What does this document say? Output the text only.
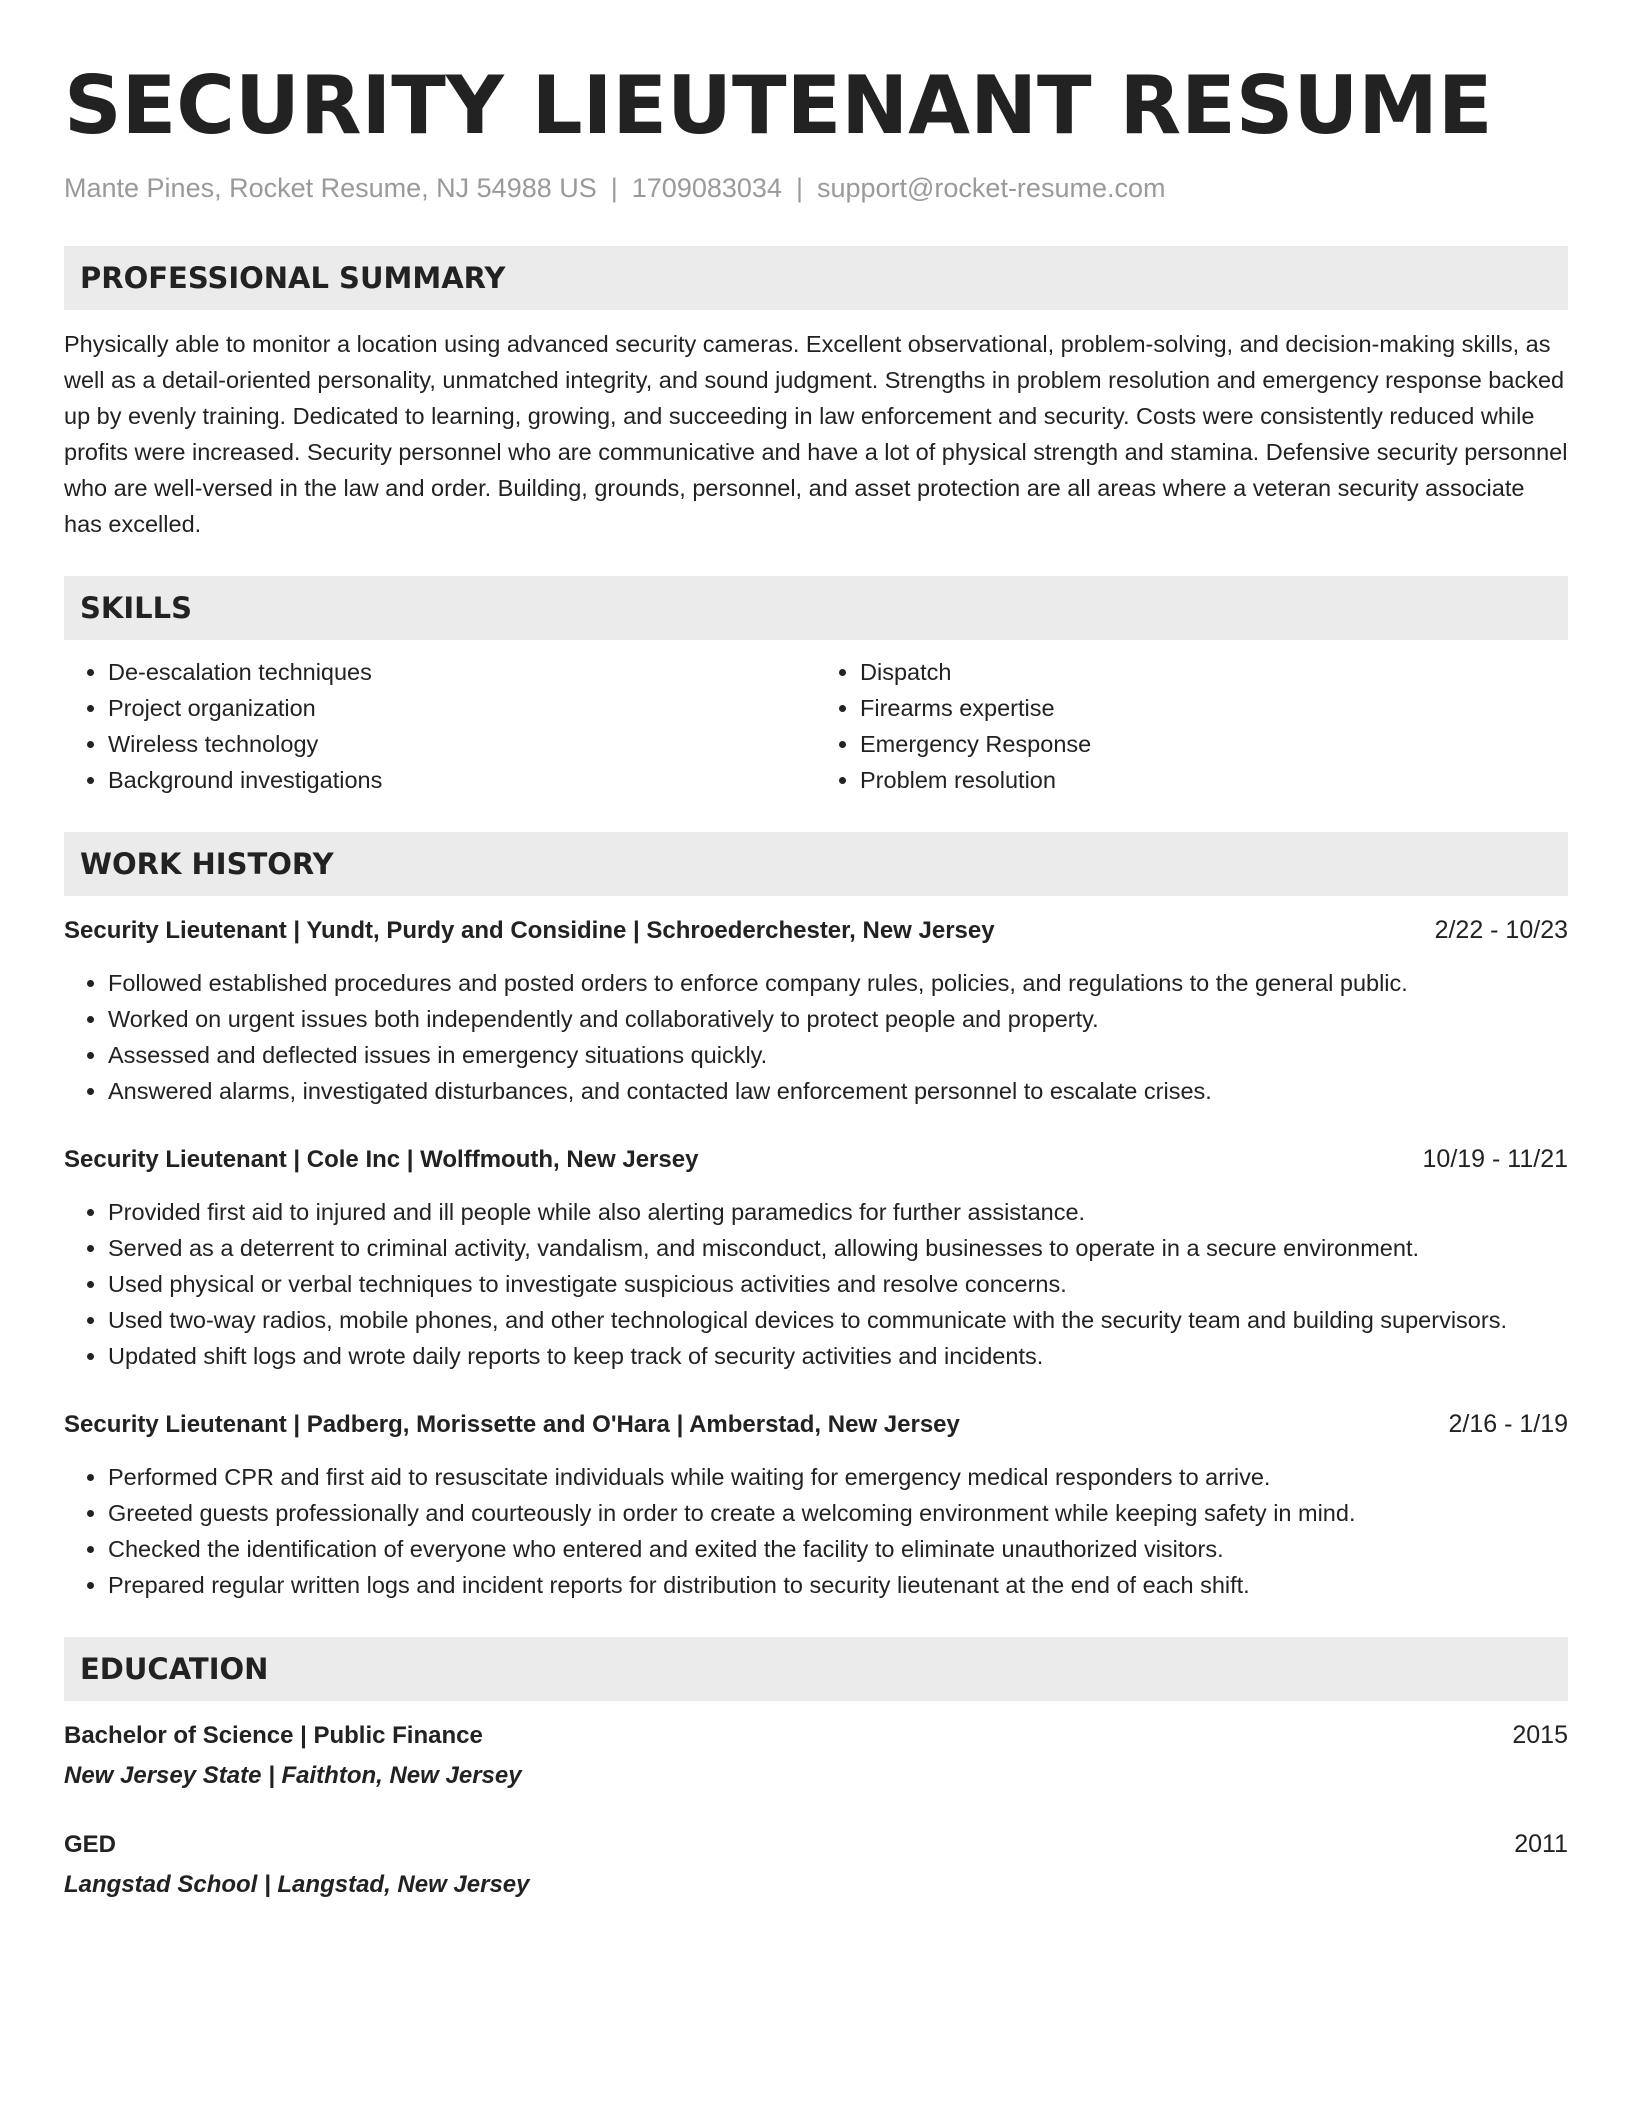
SECURITY LIEUTENANT RESUME
Mante Pines, Rocket Resume, NJ 54988 US | 1709083034 | support@rocket-resume.com
PROFESSIONAL SUMMARY

Physically able to monitor a location using advanced security cameras. Excellent observational, problem-solving, and decision-making skills, as well as a detail-oriented personality, unmatched integrity, and sound judgment. Strengths in problem resolution and emergency response backed up by evenly training. Dedicated to learning, growing, and succeeding in law enforcement and security. Costs were consistently reduced while profits were increased. Security personnel who are communicative and have a lot of physical strength and stamina. Defensive security personnel who are well-versed in the law and order. Building, grounds, personnel, and asset protection are all areas where a veteran security associate has excelled.

SKILLS
• De-escalation techniques
• Project organization
• Wireless technology
• Background investigations
• Dispatch
• Firearms expertise
• Emergency Response
• Problem resolution
WORK HISTORY
Security Lieutenant | Yundt, Purdy and Considine | Schroederchester, New Jersey	2/22 - 10/23
• Followed established procedures and posted orders to enforce company rules, policies, and regulations to the general public.
• Worked on urgent issues both independently and collaboratively to protect people and property.
• Assessed and deflected issues in emergency situations quickly.
• Answered alarms, investigated disturbances, and contacted law enforcement personnel to escalate crises.
Security Lieutenant | Cole Inc | Wolffmouth, New Jersey	10/19 - 11/21
• Provided first aid to injured and ill people while also alerting paramedics for further assistance.
• Served as a deterrent to criminal activity, vandalism, and misconduct, allowing businesses to operate in a secure environment.
• Used physical or verbal techniques to investigate suspicious activities and resolve concerns.
• Used two-way radios, mobile phones, and other technological devices to communicate with the security team and building supervisors.
• Updated shift logs and wrote daily reports to keep track of security activities and incidents.
Security Lieutenant | Padberg, Morissette and O'Hara | Amberstad, New Jersey	2/16 - 1/19
• Performed CPR and first aid to resuscitate individuals while waiting for emergency medical responders to arrive.
• Greeted guests professionally and courteously in order to create a welcoming environment while keeping safety in mind.
• Checked the identification of everyone who entered and exited the facility to eliminate unauthorized visitors.
• Prepared regular written logs and incident reports for distribution to security lieutenant at the end of each shift.
EDUCATION
Bachelor of Science | Public Finance	2015
New Jersey State | Faithton, New Jersey
GED	2011
Langstad School | Langstad, New Jersey
